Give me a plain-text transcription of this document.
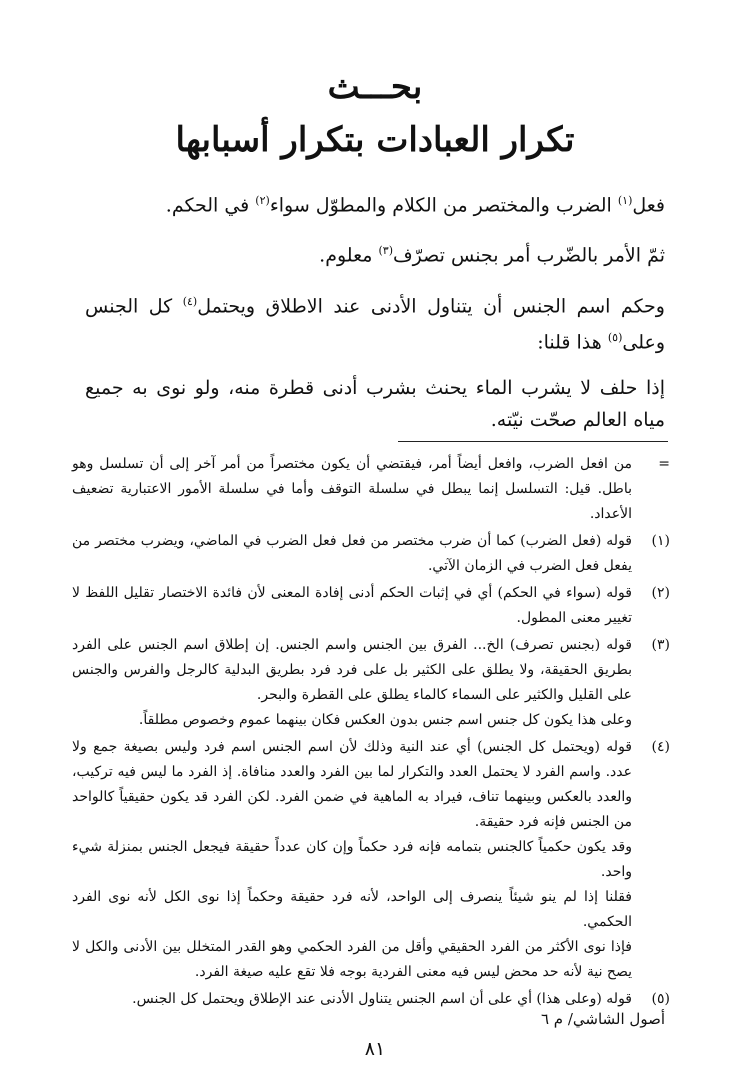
بحـــث
تكرار العبادات بتكرار أسبابها

فعل$^{(١)}$ الضرب والمختصر من الكلام والمطوّل سواء$^{(٢)}$ في الحكم.

ثمّ الأمر بالضّرب أمر بجنس تصرّف$^{(٣)}$ معلوم.

وحكم اسم الجنس أن يتناول الأدنى عند الاطلاق ويحتمل$^{(٤)}$ كل الجنس وعلى$^{(٥)}$ هذا قلنا:

إذا حلف لا يشرب الماء يحنث بشرب أدنى قطرة منه، ولو نوى به جميع مياه العالم صحّت نيّته.

=

من افعل الضرب، وافعل أيضاً أمر، فيقتضي أن يكون مختصراً من أمر آخر إلى أن تسلسل وهو باطل. قيل: التسلسل إنما يبطل في سلسلة التوقف وأما في سلسلة الأمور الاعتبارية تضعيف الأعداد.

(١)

قوله (فعل الضرب) كما أن ضرب مختصر من فعل فعل الضرب في الماضي، ويضرب مختصر من يفعل فعل الضرب في الزمان الآتي.

(٢)

قوله (سواء في الحكم) أي في إثبات الحكم أدنى إفادة المعنى لأن فائدة الاختصار تقليل اللفظ لا تغيير معنى المطول.

(٣)

قوله (بجنس تصرف) الخ... الفرق بين الجنس واسم الجنس. إن إطلاق اسم الجنس على الفرد بطريق الحقيقة، ولا يطلق على الكثير بل على فرد فرد بطريق البدلية كالرجل والفرس والجنس على القليل والكثير على السماء كالماء يطلق على القطرة والبحر.

وعلى هذا يكون كل جنس اسم جنس بدون العكس فكان بينهما عموم وخصوص مطلقاً.

(٤)

قوله (ويحتمل كل الجنس) أي عند النية وذلك لأن اسم الجنس اسم فرد وليس بصيغة جمع ولا عدد. واسم الفرد لا يحتمل العدد والتكرار لما بين الفرد والعدد منافاة. إذ الفرد ما ليس فيه تركيب، والعدد بالعكس وبينهما تناف، فيراد به الماهية في ضمن الفرد. لكن الفرد قد يكون حقيقياً كالواحد من الجنس فإنه فرد حقيقة.

وقد يكون حكمياً كالجنس بتمامه فإنه فرد حكماً وإن كان عدداً حقيقة فيجعل الجنس بمنزلة شيء واحد.

فقلنا إذا لم ينو شيئاً ينصرف إلى الواحد، لأنه فرد حقيقة وحكماً إذا نوى الكل لأنه نوى الفرد الحكمي.

فإذا نوى الأكثر من الفرد الحقيقي وأقل من الفرد الحكمي وهو القدر المتخلل بين الأدنى والكل لا يصح نية لأنه حد محض ليس فيه معنى الفردية بوجه فلا تقع عليه صيغة الفرد.

(٥)

قوله (وعلى هذا) أي على أن اسم الجنس يتناول الأدنى عند الإطلاق ويحتمل كل الجنس.

أصول الشاشي/ م ٦
٨١
